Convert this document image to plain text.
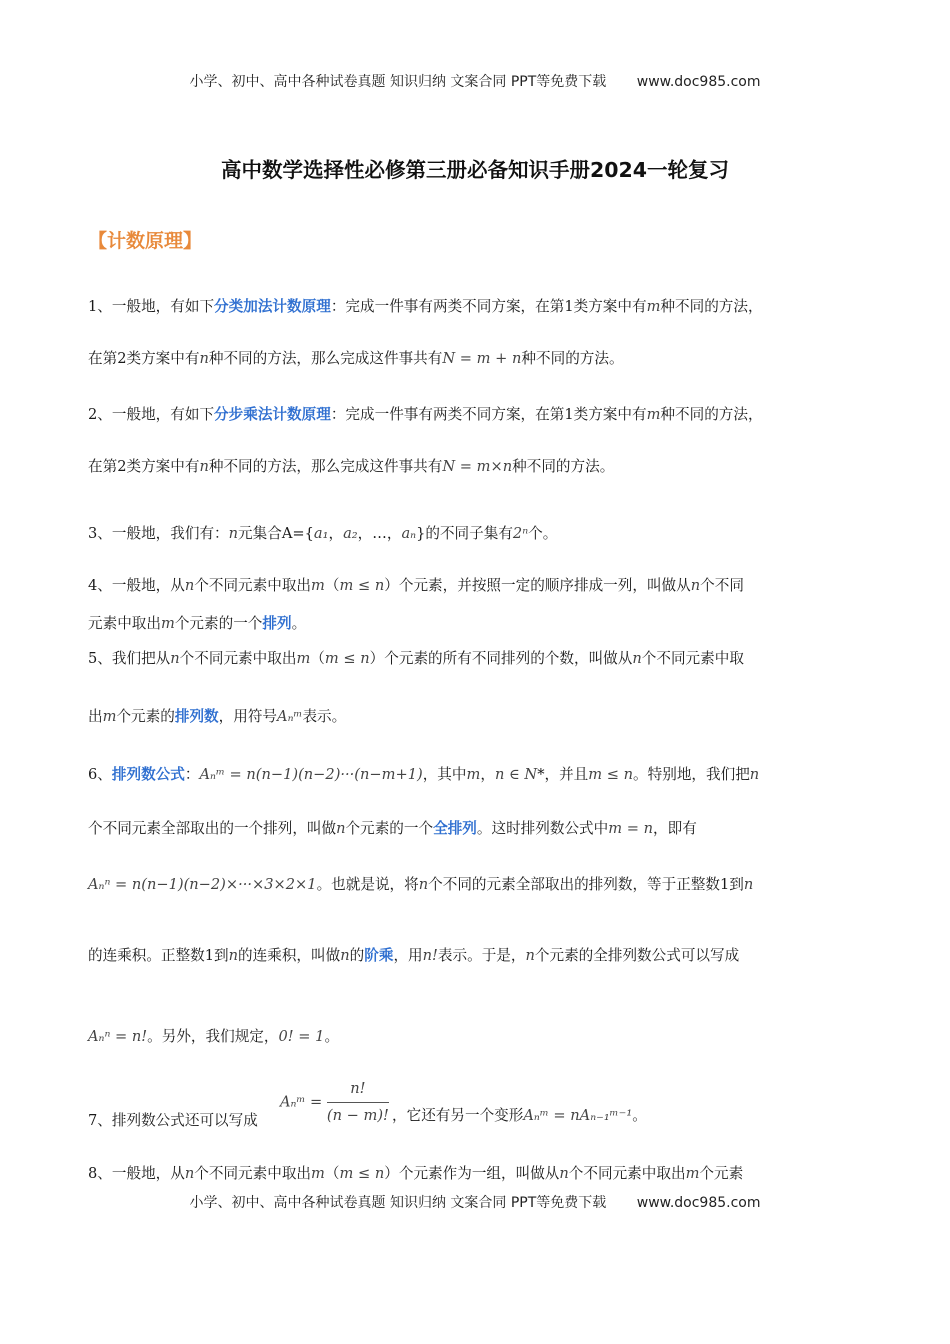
小学、初中、高中各种试卷真题 知识归纳 文案合同 PPT等免费下载 www.doc985.com
高中数学选择性必修第三册必备知识手册2024一轮复习
【计数原理】
1、一般地，有如下分类加法计数原理：完成一件事有两类不同方案，在第1类方案中有m种不同的方法，
在第2类方案中有n种不同的方法，那么完成这件事共有N = m + n种不同的方法。
2、一般地，有如下分步乘法计数原理：完成一件事有两类不同方案，在第1类方案中有m种不同的方法，
在第2类方案中有n种不同的方法，那么完成这件事共有N = m×n种不同的方法。
3、一般地，我们有：n元集合A={a₁，a₂，…，aₙ}的不同子集有2ⁿ个。
4、一般地，从n个不同元素中取出m（m ≤ n）个元素，并按照一定的顺序排成一列，叫做从n个不同
元素中取出m个元素的一个排列。
5、我们把从n个不同元素中取出m（m ≤ n）个元素的所有不同排列的个数，叫做从n个不同元素中取
出m个元素的排列数，用符号Aₙᵐ表示。
6、排列数公式：Aₙᵐ = n(n−1)(n−2)···(n−m+1)，其中m，n ∈ N*，并且m ≤ n。特别地，我们把n
个不同元素全部取出的一个排列，叫做n个元素的一个全排列。这时排列数公式中m = n，即有
Aₙⁿ = n(n−1)(n−2)×···×3×2×1。也就是说，将n个不同的元素全部取出的排列数，等于正整数1到n
的连乘积。正整数1到n的连乘积，叫做n的阶乘，用n!表示。于是，n个元素的全排列数公式可以写成
Aₙⁿ = n!。另外，我们规定，0! = 1。
7、排列数公式还可以写成
Aₙᵐ = $\frac{n!}{(n - m)!}$ ，它还有另一个变形Aₙᵐ = nAₙ₋₁ᵐ⁻¹。
8、一般地，从n个不同元素中取出m（m ≤ n）个元素作为一组，叫做从n个不同元素中取出m个元素
小学、初中、高中各种试卷真题 知识归纳 文案合同 PPT等免费下载 www.doc985.com
